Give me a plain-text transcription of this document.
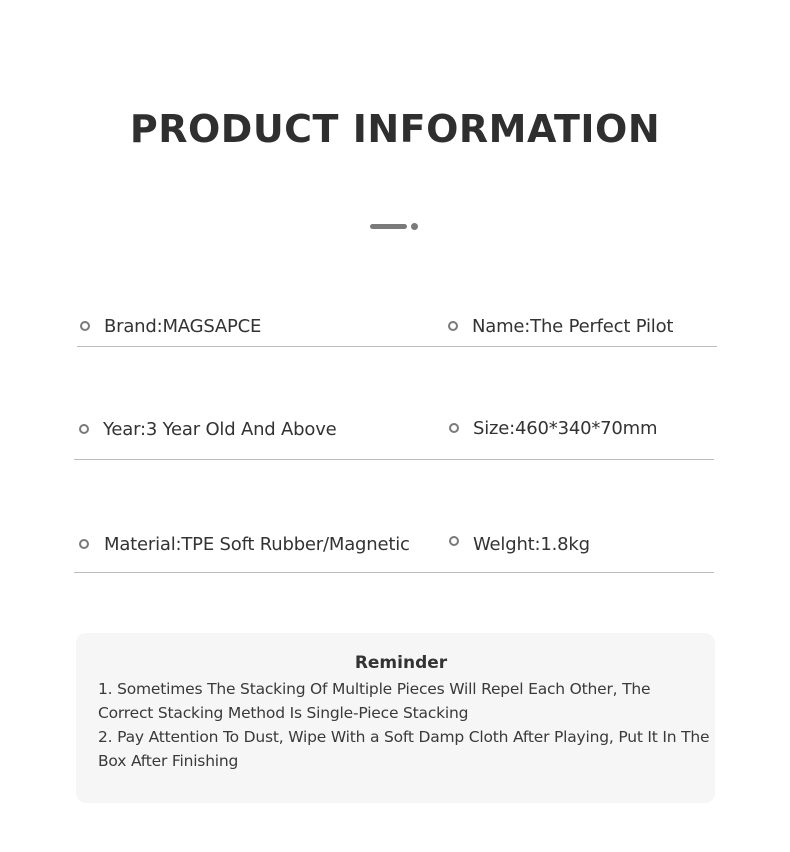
PRODUCT INFORMATION
Brand:MAGSAPCE	Name:The Perfect Pilot
Year:3 Year Old And Above	Size:460*340*70mm
Material:TPE Soft Rubber/Magnetic	Welght:1.8kg
Reminder

1. Sometimes The Stacking Of Multiple Pieces Will Repel Each Other, The Correct Stacking Method Is Single-Piece Stacking

2. Pay Attention To Dust, Wipe With a Soft Damp Cloth After Playing, Put It In The Box After Finishing
